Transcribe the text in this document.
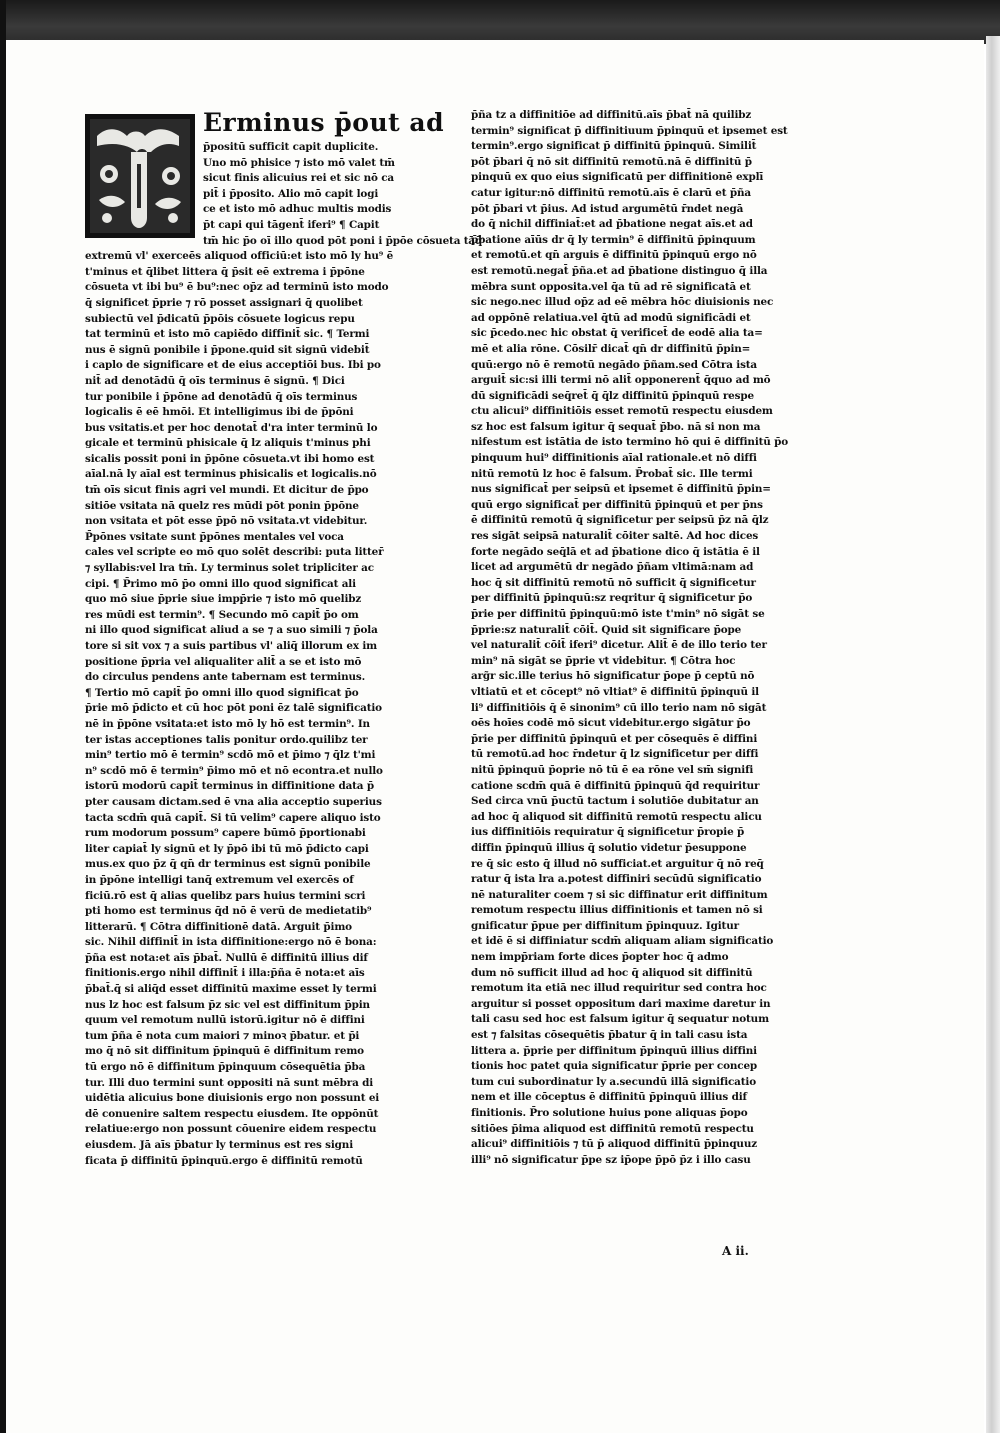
Erminus p̄out ad
p̄positū sufficit capit duplicite.
Uno mō phisice ⁊ isto mō valet tm̄
sicut finis alicuius rei et sic nō ca
pit̄ i p̄posito. Alio mō capit logi
ce et isto mō adhuc multis modis
p̄t capi qui tāgent̄ iferi⁹ ¶ Capit
tm̄ hic p̄o oī illo quod pōt poni i p̄pōe cōsueta tāq̄
extremū vl' exerceēs aliquod officiū:et isto mō ly hu⁹ ē
t'minus et q̄libet littera q̄ p̄sit eē extrema i p̄pōne
cōsueta vt ibi bu⁹ ē bu⁹:nec op̄z ad terminū isto modo
q̄ significet p̄prie ⁊ rō posset assignari q̄ quolibet
subiectū vel p̄dicatū p̄pōis cōsuete logicus repu
tat terminū et isto mō capiēdo diffinit̄ sic. ¶ Termi
nus ē signū ponibile i p̄pone.quid sit signū videbit̄
i caplo de significare et de eius acceptiōi bus. Ibi po
nit̄ ad denotādū q̄ oīs terminus ē signū. ¶ Dici
tur ponibile i p̄pōne ad denotādū q̄ oīs terminus
logicalis ē eē hmōi. Et intelligimus ibi de p̄pōni
bus vsitatis.et per hoc denotat̄ d'ra inter terminū lo
gicale et terminū phisicale q̄ lz aliquis t'minus phi
sicalis possit poni in p̄pōne cōsueta.vt ibi homo est
aīal.nā ly aīal est terminus phisicalis et logicalis.nō
tm̄ oīs sicut finis agri vel mundi. Et dicitur de p̄po
sitiōe vsitata nā quelz res mūdi pōt ponin p̄pōne
non vsitata et pōt esse p̄pō nō vsitata.vt videbitur.
P̄pōnes vsitate sunt p̄pōnes mentales vel voca
cales vel scripte eo mō quo solēt describi: puta litter̄
⁊ syllabis:vel lra tm̄. Ly terminus solet tripliciter ac
cipi. ¶ P̄rimo mō p̄o omni illo quod significat ali
quo mō siue p̄prie siue impp̄rie ⁊ isto mō quelibz
res mūdi est termin⁹. ¶ Secundo mō capit̄ p̄o om
ni illo quod significat aliud a se ⁊ a suo simili ⁊ p̄ola
tore si sit vox ⁊ a suis partibus vl' aliq̄ illorum ex im
positione p̄pria vel aliqualiter alit̄ a se et isto mō
do circulus pendens ante tabernam est terminus.
¶ Tertio mō capit̄ p̄o omni illo quod significat p̄o
p̄rie mō p̄dicto et cū hoc pōt poni ēz talē significatio
nē in p̄pōne vsitata:et isto mō ly hō est termin⁹. In
ter istas acceptiones talis ponitur ordo.quilibz ter
min⁹ tertio mō ē termin⁹ scdō mō et p̄imo ⁊ q̄lz t'mi
n⁹ scdō mō ē termin⁹ p̄imo mō et nō econtra.et nullo
istorū modorū capit̄ terminus in diffinitione data p̄
pter causam dictam.sed ē vna alia acceptio superius
tacta scdm̄ quā capit̄. Si tū velim⁹ capere aliquo isto
rum modorum possum⁹ capere būmō p̄portionabi
liter capiat̄ ly signū et ly p̄pō ibi tū mō p̄dicto capi
mus.ex quo p̄z q̄ qn̄ dr terminus est signū ponibile
in p̄pōne intelligi tanq̄ extremum vel exercēs of
ficiū.rō est q̄ alias quelibz pars huius termini scri
pti homo est terminus q̄d nō ē verū de medietatib⁹
litterarū. ¶ Cōtra diffinitionē datā. Arguit p̄imo
sic. Nihil diffinit̄ in ista diffinitione:ergo nō ē bona:
p̄ña est nota:et aīs p̄bat̄. Nullū ē diffinitū illius dif
finitionis.ergo nihil diffinit̄ i illa:p̄ña ē nota:et aīs
p̄bat̄.q̄ si aliq̄d esset diffinitū maxime esset ly termi
nus lz hoc est falsum p̄z sic vel est diffinitum p̄pin
quum vel remotum nullū istorū.igitur nō ē diffini
tum p̄ña ē nota cum maiori ⁊ minoꝛ p̄batur. et p̄i
mo q̄ nō sit diffinitum p̄pinquū ē diffinitum remo
tū ergo nō ē diffinitum p̄pinquum cōsequētia p̄ba
tur. Illi duo termini sunt oppositi nā sunt mēbra di
uidētia alicuius bone diuisionis ergo non possunt ei
dē conuenire saltem respectu eiusdem. Ite oppōnūt
relatiue:ergo non possunt cōuenire eidem respectu
eiusdem. Jā aīs p̄batur ly terminus est res signi
ficata p̄ diffinitū p̄pinquū.ergo ē diffinitū remotū
p̄ña tz a diffinitiōe ad diffinitū.aīs p̄bat̄ nā quilibz
termin⁹ significat p̄ diffinitiuum p̄pinquū et ipsemet est
termin⁹.ergo significat p̄ diffinitū p̄pinquū. Similit̄
pōt p̄bari q̄ nō sit diffinitū remotū.nā ē diffinitū p̄
pinquū ex quo eius significatū per diffinitionē explī
catur igitur:nō diffinitū remotū.aīs ē clarū et p̄ña
pōt p̄bari vt p̄ius. Ad istud argumētū r̄ndet negā
do q̄ nichil diffiniat̄:et ad p̄batione negat aīs.et ad
p̄batione aīūs dr q̄ ly termin⁹ ē diffinitū p̄pinquum
et remotū.et qn̄ arguis ē diffinitū p̄pinquū ergo nō
est remotū.negat̄ p̄ña.et ad p̄batione distinguo q̄ illa
mēbra sunt opposita.vel q̄a tū ad rē significatā et
sic nego.nec illud op̄z ad eē mēbra hōc diuisionis nec
ad oppōnē relatiua.vel q̄tū ad modū significādi et
sic p̄cedo.nec hic obstat q̄ verificet̄ de eodē alia ta=
mē et alia rōne. Cōsilr̄ dicat̄ qn̄ dr diffinitū p̄pin=
quū:ergo nō ē remotū negādo p̄ñam.sed Cōtra ista
arguit̄ sic:si illi termi nō alit̄ opponerent̄ q̄quo ad mō
dū significādi seq̄ret̄ q̄ q̄lz diffinitū p̄pinquū respe
ctu alicui⁹ diffinitiōis esset remotū respectu eiusdem
sz hoc est falsum igitur q̄ sequat̄ p̄bo. nā si non ma
nifestum est istātia de isto termino hō qui ē diffinitū p̄o
pinquum hui⁹ diffinitionis aīal rationale.et nō diffi
nitū remotū lz hoc ē falsum. P̄robat̄ sic. Ille termi
nus significat̄ per seipsū et ipsemet ē diffinitū p̄pin=
quū ergo significat̄ per diffinitū p̄pinquū et per p̄ns
ē diffinitū remotū q̄ significetur per seipsū p̄z nā q̄lz
res sigāt seipsā naturalit̄ cōiter saltē. Ad hoc dices
forte negādo seq̄lā et ad p̄batione dico q̄ istātia ē il
licet ad argumētū dr negādo p̄ñam vltimā:nam ad
hoc q̄ sit diffinitū remotū nō sufficit q̄ significetur
per diffinitū p̄pinquū:sz reqritur q̄ significetur p̄o
p̄rie per diffinitū p̄pinquū:mō iste t'min⁹ nō sigāt se
p̄prie:sz naturalit̄ cōit̄. Quid sit significare p̄ope
vel naturalit̄ cōit̄ iferi⁹ dicetur. Alit̄ ē de illo terio ter
min⁹ nā sigāt se p̄prie vt videbitur. ¶ Cōtra hoc
arg̃r sic.ille terius hō significatur p̄ope p̄ ceptū nō
vltiatū et et cōcept⁹ nō vltiat⁹ ē diffinitū p̄pinquū il
li⁹ diffinitiōis q̄ ē sinonim⁹ cū illo terio nam nō sigāt
oēs hoīes codē mō sicut videbitur.ergo sigātur p̄o
p̄rie per diffinitū p̄pinquū et per cōsequēs ē diffini
tū remotū.ad hoc r̄ndetur q̄ lz significetur per diffi
nitū p̄pinquū p̄oprie nō tū ē ea rōne vel sm̄ signifi
catione scdm̄ quā ē diffinitū p̄pinquū q̄d requiritur
Sed circa vnū p̄uctū tactum i solutiōe dubitatur an
ad hoc q̄ aliquod sit diffinitū remotū respectu alicu
ius diffinitiōis requiratur q̄ significetur p̄ropie p̄
diffin p̄pinquū illius q̄ solutio videtur p̄esuppone
re q̄ sic esto q̄ illud nō sufficiat.et arguitur q̄ nō req̄
ratur q̄ ista lra a.potest diffiniri secūdū significatio
nē naturaliter coem ⁊ si sic diffinatur erit diffinitum
remotum respectu illius diffinitionis et tamen nō si
gnificatur p̄pue per diffinitum p̄pinquuz. Igitur
et idē ē si diffiniatur scdm̄ aliquam aliam significatio
nem impp̄riam forte dices p̄opter hoc q̄ admo
dum nō sufficit illud ad hoc q̄ aliquod sit diffinitū
remotum ita etiā nec illud requiritur sed contra hoc
arguitur si posset oppositum dari maxime daretur in
tali casu sed hoc est falsum igitur q̄ sequatur notum
est ⁊ falsitas cōsequētis p̄batur q̄ in tali casu ista
littera a. p̄prie per diffinitum p̄pinquū illius diffini
tionis hoc patet quia significatur p̄prie per concep
tum cui subordinatur ly a.secundū illā significatio
nem et ille cōceptus ē diffinitū p̄pinquū illius dif
finitionis. P̄ro solutione huius pone aliquas p̄opo
sitiōes p̄ima aliquod est diffinitū remotū respectu
alicui⁹ diffinitiōis ⁊ tū p̄ aliquod diffinitū p̄pinquuz
illi⁹ nō significatur p̄pe sz ip̄ope p̄pō p̄z i illo casu
A ii.
